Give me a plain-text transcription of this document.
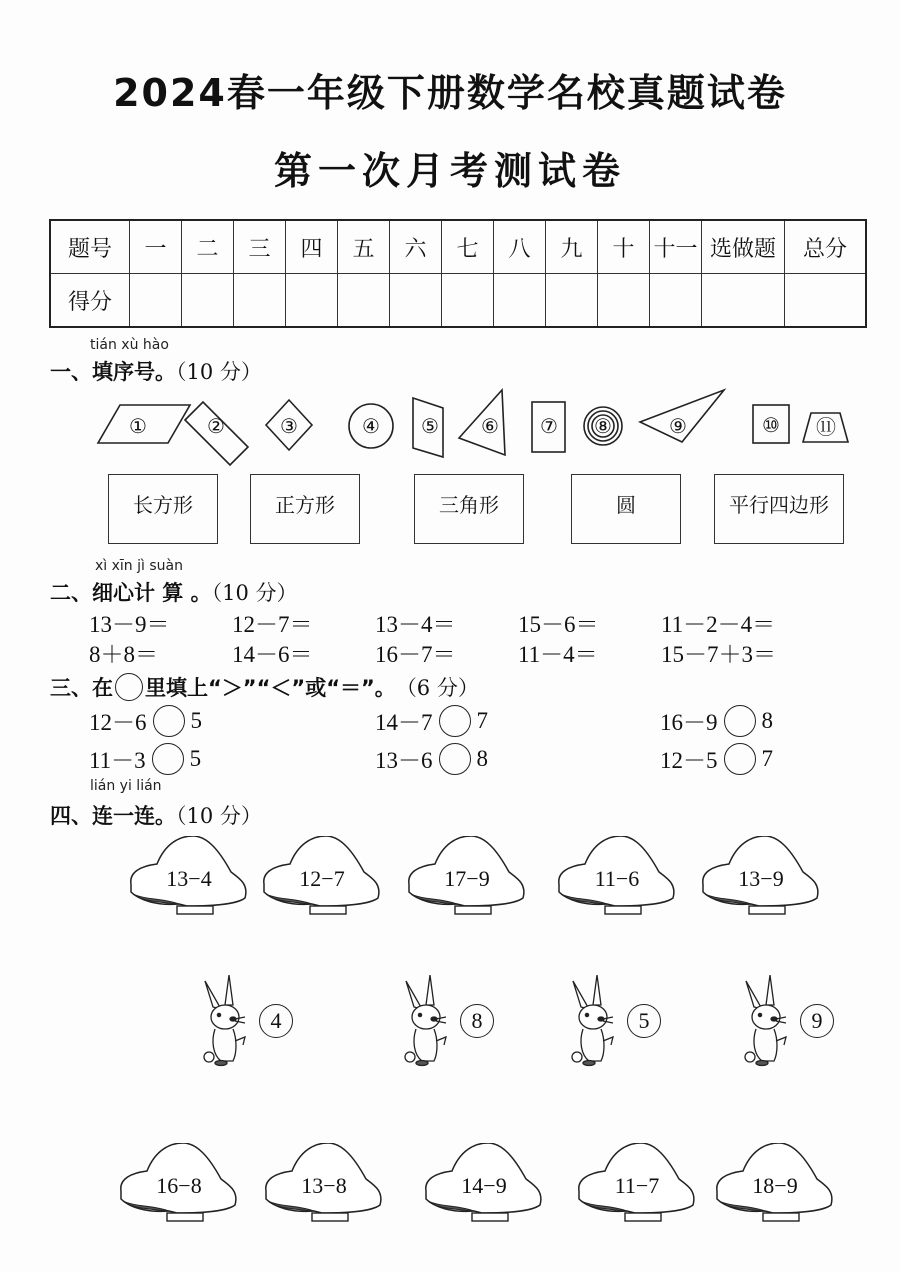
2024春一年级下册数学名校真题试卷
第一次月考测试卷
题号	一	二	三	四	五	六	七	八	九	十	十一	选做题	总分
得分													
tián xù hào
一、填序号。（10 分）
①	②	③	④ ⑤ ⑥ ⑦ ⑧	⑨	⑩ ⑪
长方形	正方形	三角形	圆	平行四边形
xì xīn jì suàn
二、细心计 算 。（10 分）
13－9＝	12－7＝	13－4＝	15－6＝	11－2－4＝
8＋8＝	14－6＝	16－7＝	11－4＝	15－7＋3＝
三、在 里填上“＞”“＜”或“＝”。 （6 分）
12－6 5	14－7 7	16－9 8
11－3 5	13－6 8	12－5 7
lián yi lián
四、连一连。（10 分）
13−4	12−7	17−9	11−6	13−9
4	8	5	9
16−8	13−8	14−9	11−7	18−9
